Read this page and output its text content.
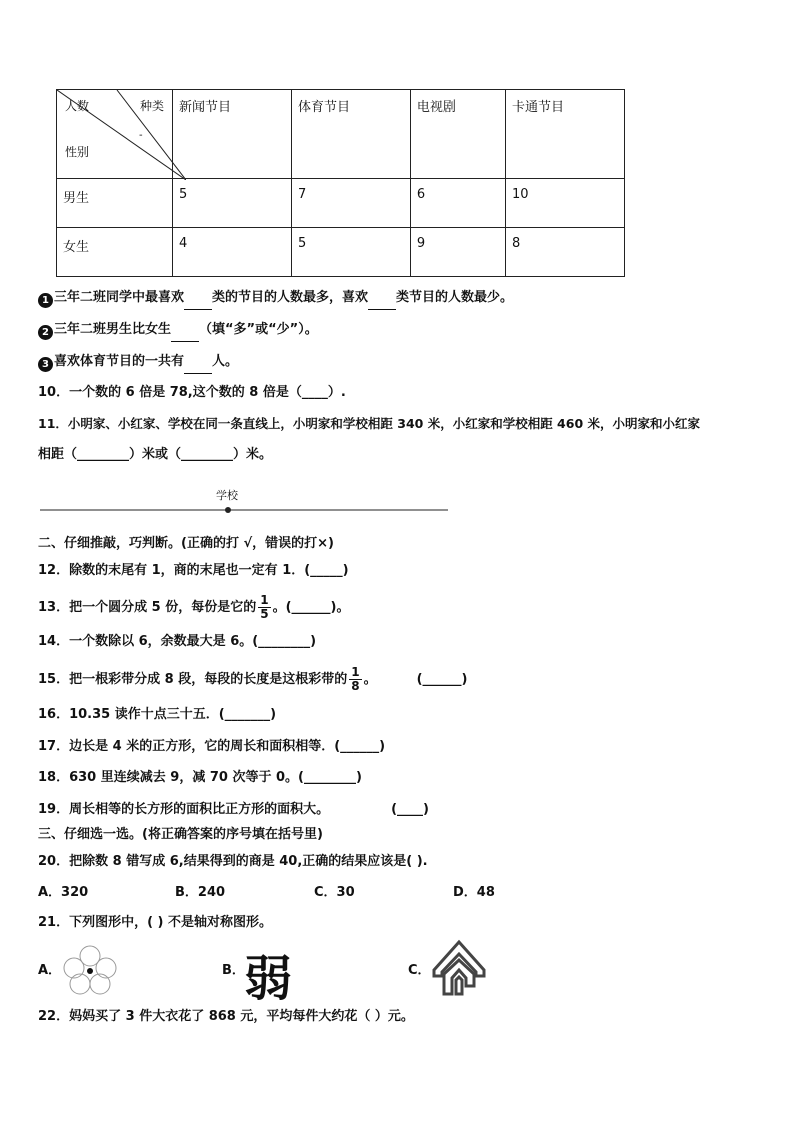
人数 种类
-
性别	新闻节目	体育节目	电视剧	卡通节目
男生	5	7	6	10
女生	4	5	9	8
1 三年二班同学中最喜欢 类的节目的人数最多，喜欢 类节目的人数最少。
2 三年二班男生比女生 （填“多”或“少”）。
3 喜欢体育节目的一共有 人。
10．一个数的 6 倍是 78,这个数的 8 倍是（____）.
11．小明家、小红家、学校在同一条直线上，小明家和学校相距 340 米，小红家和学校相距 460 米，小明家和小红家
相距（________）米或（________）米。
学校
二、仔细推敲，巧判断。(正确的打 √，错误的打×)
12．除数的末尾有 1，商的末尾也一定有 1．(_____)
13．把一个圆分成 5 份，每份是它的 $\frac{1}{5}$ 。(______)。
14．一个数除以 6，余数最大是 6。(________)
15．把一根彩带分成 8 段，每段的长度是这根彩带的 $\frac{1}{8}$ 。	(______)
16．10.35 读作十点三十五．(_______)
17．边长是 4 米的正方形，它的周长和面积相等．(______)
18．630 里连续减去 9，减 70 次等于 0。(________)
19．周长相等的长方形的面积比正方形的面积大。	(____)
三、仔细选一选。(将正确答案的序号填在括号里)
20．把除数 8 错写成 6,结果得到的商是 40,正确的结果应该是( ).
A．320	B．240	C．30	D．48
21．下列图形中，( ) 不是轴对称图形。
A．	B． 弱	C．
22．妈妈买了 3 件大衣花了 868 元，平均每件大约花（ ）元。
